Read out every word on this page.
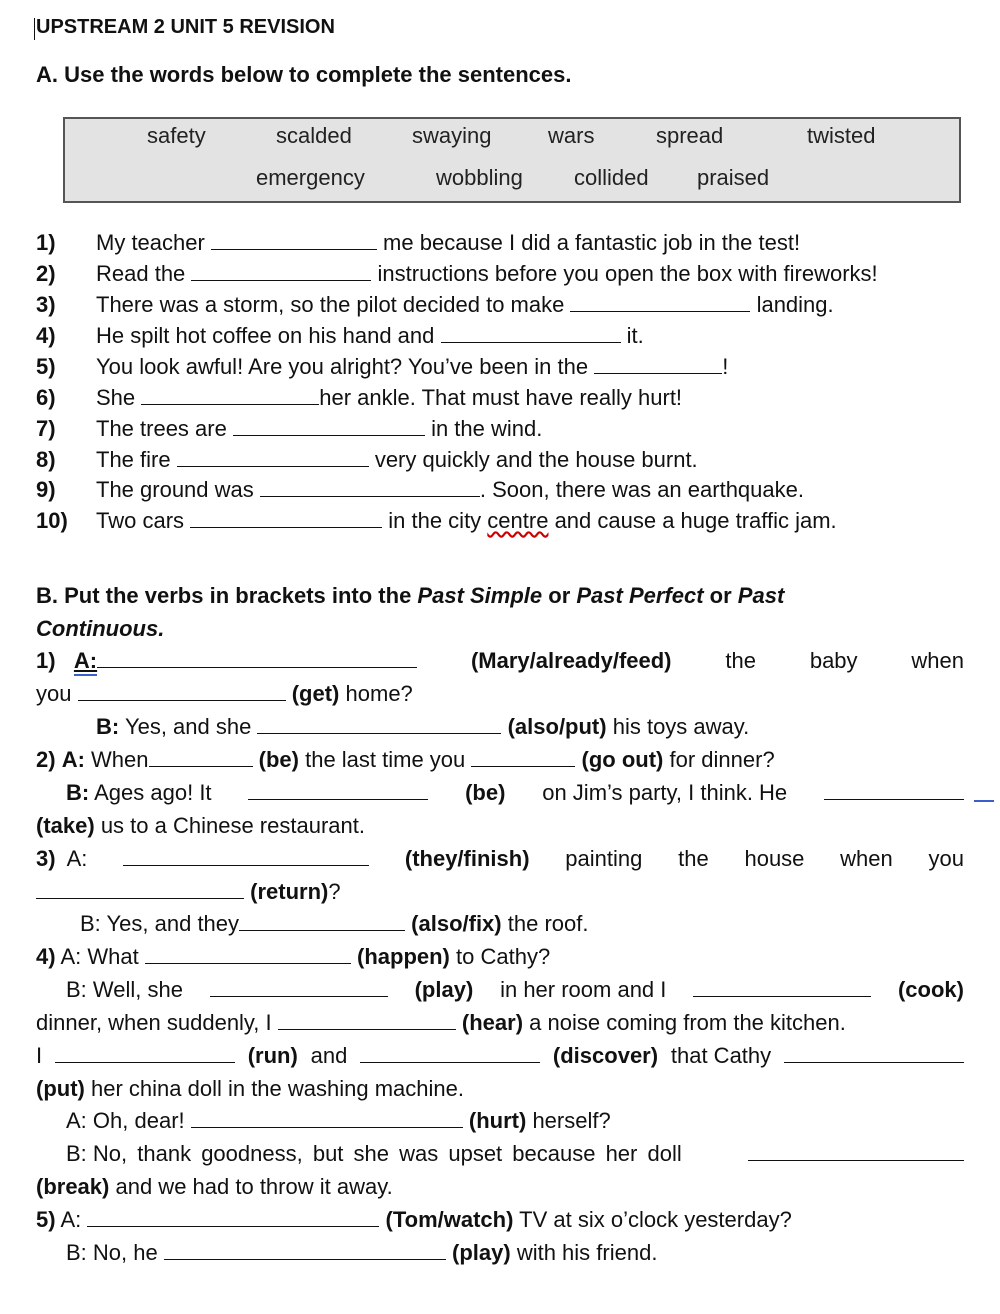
UPSTREAM 2 UNIT 5 REVISION
A. Use the words below to complete the sentences.
safety	scalded	swaying	wars	spread	twisted
emergency	wobbling collided praised
1) My teacher	me because I did a fantastic job in the test!
2) Read the	instructions before you open the box with fireworks!
3) There was a storm, so the pilot decided to make	landing.
4) He spilt hot coffee on his hand and	it.
5) You look awful! Are you alright? You’ve been in the	!
6) She	her ankle. That must have really hurt!
7) The trees are	in the wind.
8) The fire	very quickly and the house burnt.
9) The ground was	. Soon, there was an earthquake.
10) Two cars	in the city centre and cause a huge traffic jam.
B. Put the verbs in brackets into the Past Simple or Past Perfect or Past
Continuous.
1) A:	(Mary/already/feed) the baby when
you	(get) home?
B: Yes, and she	(also/put) his toys away.
2) A: When	(be) the last time you	(go out) for dinner?
B: Ages ago! It	(be) on Jim’s party, I think. He
(take) us to a Chinese restaurant.
3) A:	(they/finish) painting the house when you
(return)?
B: Yes, and they	(also/fix) the roof.
4) A: What	(happen) to Cathy?
B: Well, she	(play) in her room and I	(cook)
dinner, when suddenly, I	(hear) a noise coming from the kitchen.
I	(run) and	(discover) that Cathy
(put) her china doll in the washing machine.
A: Oh, dear!	(hurt) herself?
B: No, thank goodness, but she was upset because her doll
(break) and we had to throw it away.
5) A:	(Tom/watch) TV at six o’clock yesterday?
B: No, he	(play) with his friend.
